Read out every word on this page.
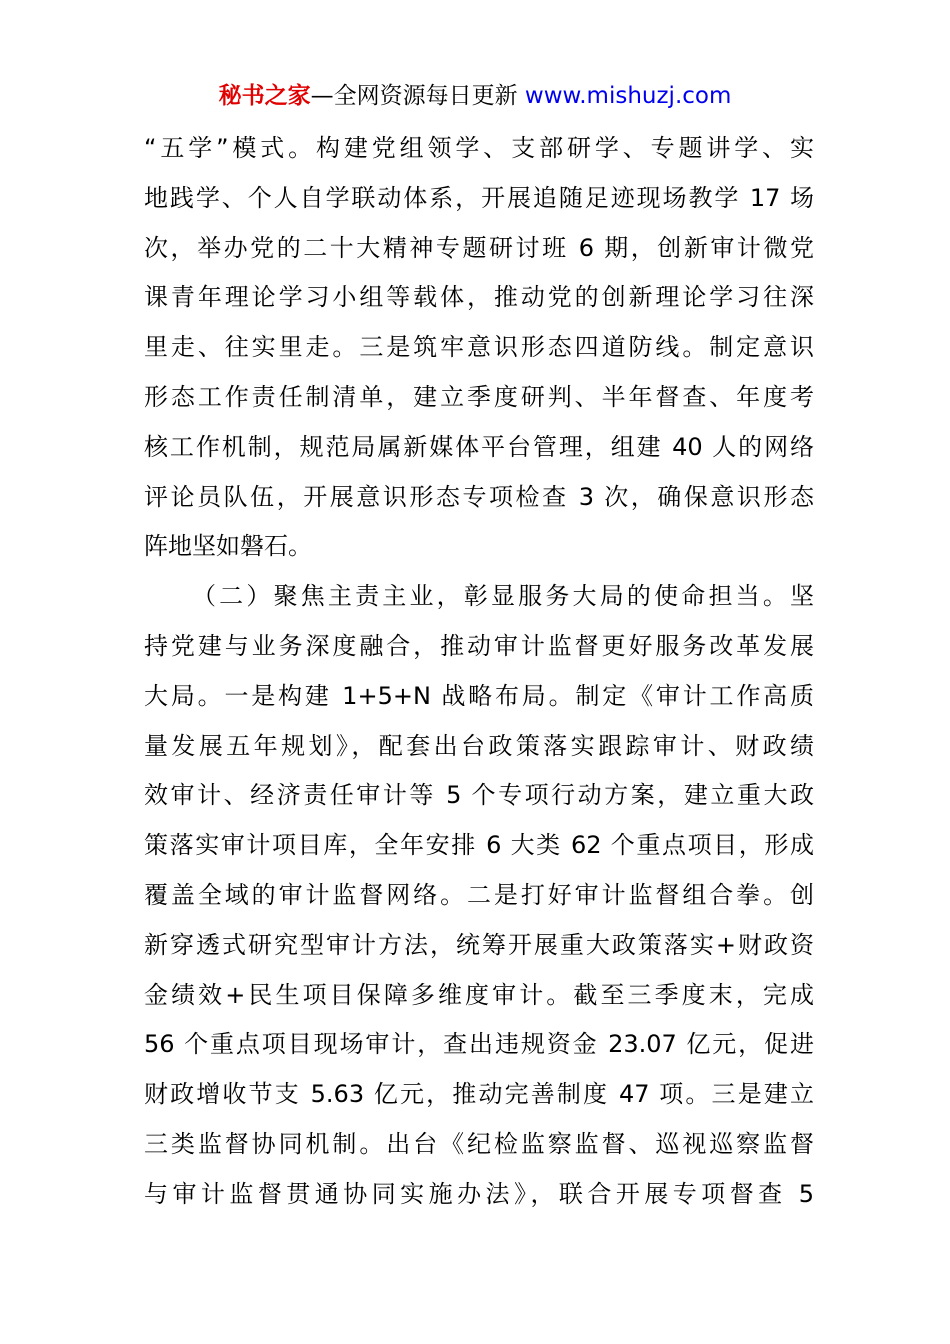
秘书之家—全网资源每日更新 www.mishuzj.com
“五学”模式。构建党组领学、支部研学、专题讲学、实
地践学、个人自学联动体系，开展追随足迹现场教学 17 场
次，举办党的二十大精神专题研讨班 6 期，创新审计微党
课青年理论学习小组等载体，推动党的创新理论学习往深
里走、往实里走。三是筑牢意识形态四道防线。制定意识
形态工作责任制清单，建立季度研判、半年督查、年度考
核工作机制，规范局属新媒体平台管理，组建 40 人的网络
评论员队伍，开展意识形态专项检查 3 次，确保意识形态
阵地坚如磐石。
（二）聚焦主责主业，彰显服务大局的使命担当。坚
持党建与业务深度融合，推动审计监督更好服务改革发展
大局。一是构建 1+5+N 战略布局。制定《审计工作高质
量发展五年规划》，配套出台政策落实跟踪审计、财政绩
效审计、经济责任审计等 5 个专项行动方案，建立重大政
策落实审计项目库，全年安排 6 大类 62 个重点项目，形成
覆盖全域的审计监督网络。二是打好审计监督组合拳。创
新穿透式研究型审计方法，统筹开展重大政策落实+财政资
金绩效+民生项目保障多维度审计。截至三季度末，完成
56 个重点项目现场审计，查出违规资金 23.07 亿元，促进
财政增收节支 5.63 亿元，推动完善制度 47 项。三是建立
三类监督协同机制。出台《纪检监察监督、巡视巡察监督
与审计监督贯通协同实施办法》，联合开展专项督查 5
